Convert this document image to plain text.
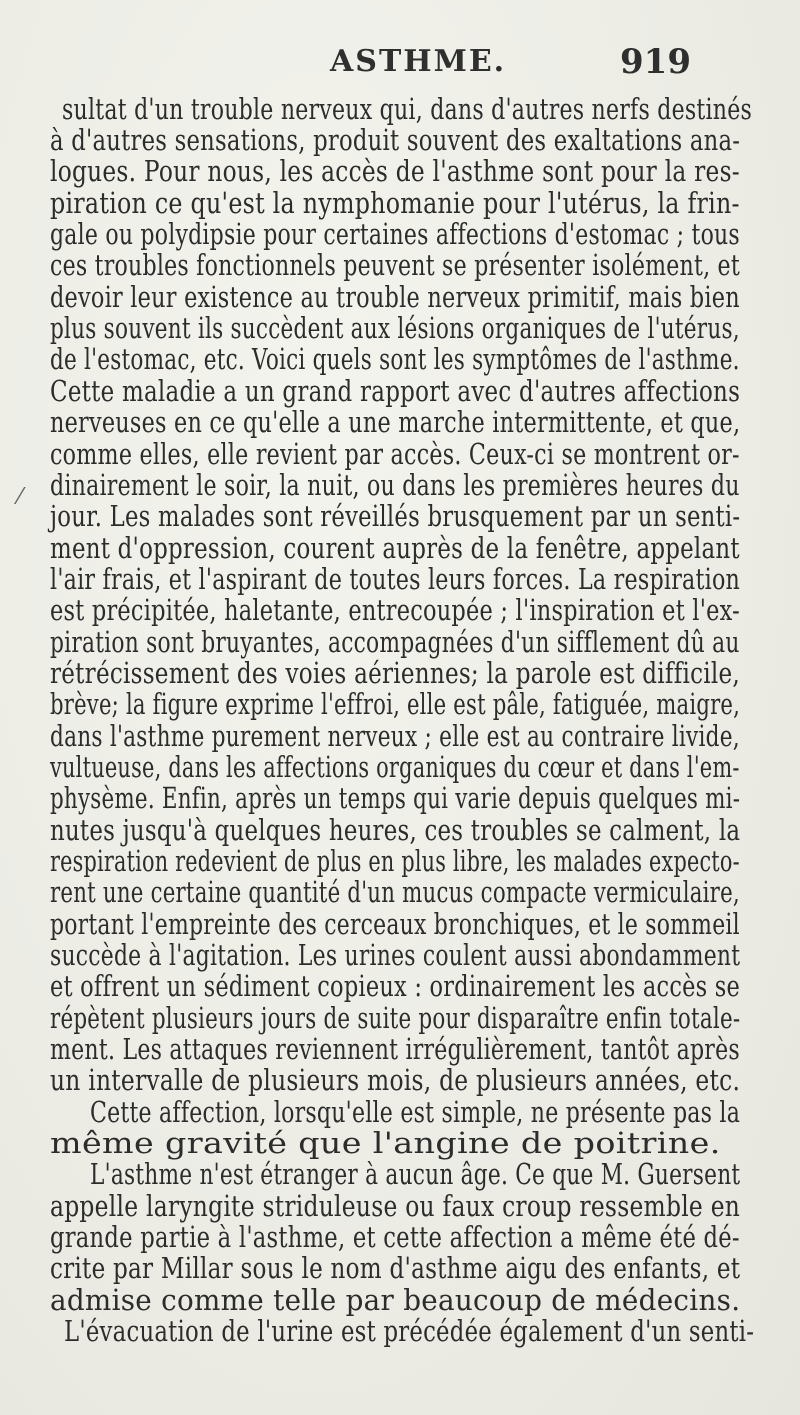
ASTHME.	919
⁄
sultat d'un trouble nerveux qui, dans d'autres nerfs destinés
à d'autres sensations, produit souvent des exaltations ana-
logues. Pour nous, les accès de l'asthme sont pour la res-
piration ce qu'est la nymphomanie pour l'utérus, la frin-
gale ou polydipsie pour certaines affections d'estomac ; tous
ces troubles fonctionnels peuvent se présenter isolément, et
devoir leur existence au trouble nerveux primitif, mais bien
plus souvent ils succèdent aux lésions organiques de l'utérus,
de l'estomac, etc. Voici quels sont les symptômes de l'asthme.
Cette maladie a un grand rapport avec d'autres affections
nerveuses en ce qu'elle a une marche intermittente, et que,
comme elles, elle revient par accès. Ceux-ci se montrent or-
dinairement le soir, la nuit, ou dans les premières heures du
jour. Les malades sont réveillés brusquement par un senti-
ment d'oppression, courent auprès de la fenêtre, appelant
l'air frais, et l'aspirant de toutes leurs forces. La respiration
est précipitée, haletante, entrecoupée ; l'inspiration et l'ex-
piration sont bruyantes, accompagnées d'un sifflement dû au
rétrécissement des voies aériennes; la parole est difficile,
brève; la figure exprime l'effroi, elle est pâle, fatiguée, maigre,
dans l'asthme purement nerveux ; elle est au contraire livide,
vultueuse, dans les affections organiques du cœur et dans l'em-
physème. Enfin, après un temps qui varie depuis quelques mi-
nutes jusqu'à quelques heures, ces troubles se calment, la
respiration redevient de plus en plus libre, les malades expecto-
rent une certaine quantité d'un mucus compacte vermiculaire,
portant l'empreinte des cerceaux bronchiques, et le sommeil
succède à l'agitation. Les urines coulent aussi abondamment
et offrent un sédiment copieux : ordinairement les accès se
répètent plusieurs jours de suite pour disparaître enfin totale-
ment. Les attaques reviennent irrégulièrement, tantôt après
un intervalle de plusieurs mois, de plusieurs années, etc.
Cette affection, lorsqu'elle est simple, ne présente pas la
même gravité que l'angine de poitrine.
L'asthme n'est étranger à aucun âge. Ce que M. Guersent
appelle laryngite striduleuse ou faux croup ressemble en
grande partie à l'asthme, et cette affection a même été dé-
crite par Millar sous le nom d'asthme aigu des enfants, et
admise comme telle par beaucoup de médecins.
L'évacuation de l'urine est précédée également d'un senti-
